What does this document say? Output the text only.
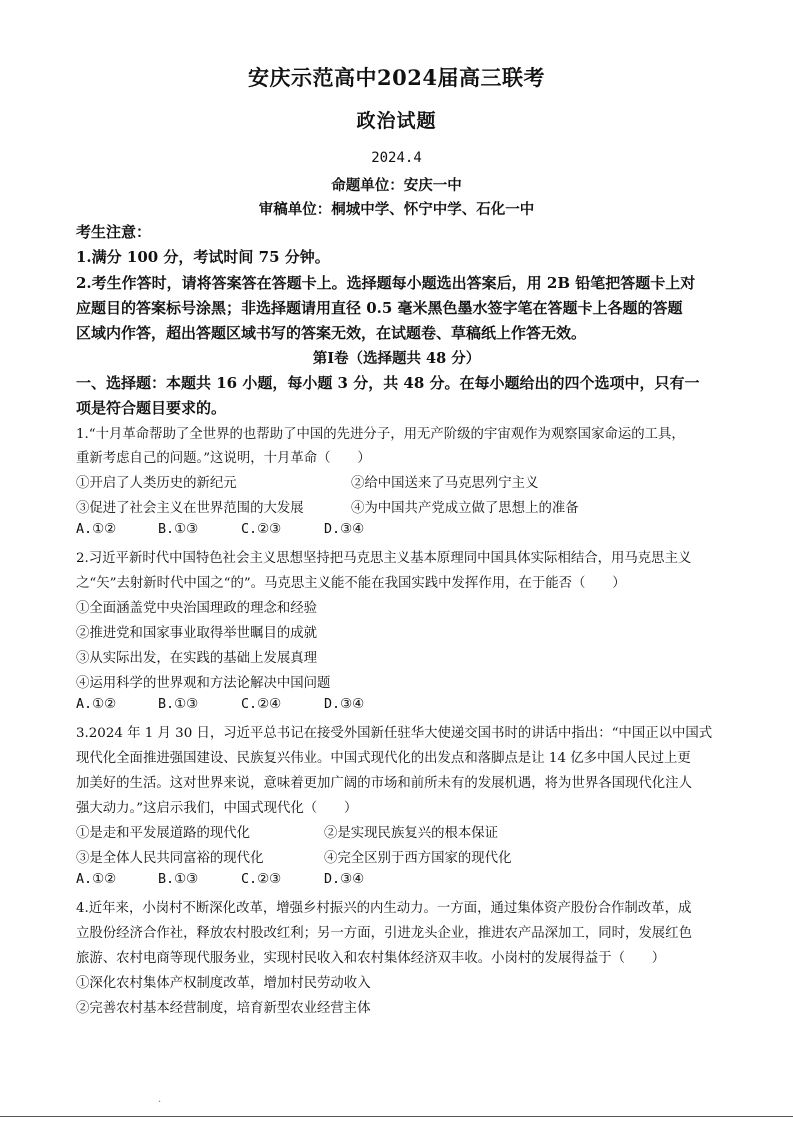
安庆示范高中2024届高三联考
政治试题
2024.4
命题单位：安庆一中
审稿单位：桐城中学、怀宁中学、石化一中
考生注意：
1.满分 100 分，考试时间 75 分钟。
2.考生作答时，请将答案答在答题卡上。选择题每小题选出答案后，用 2B 铅笔把答题卡上对
应题目的答案标号涂黑；非选择题请用直径 0.5 毫米黑色墨水签字笔在答题卡上各题的答题
区域内作答，超出答题区域书写的答案无效，在试题卷、草稿纸上作答无效。
第Ⅰ卷（选择题共 48 分）
一、选择题：本题共 16 小题，每小题 3 分，共 48 分。在每小题给出的四个选项中，只有一
项是符合题目要求的。
1.“十月革命帮助了全世界的也帮助了中国的先进分子，用无产阶级的宇宙观作为观察国家命运的工具，
重新考虑自己的问题。”这说明，十月革命（　　）
①开启了人类历史的新纪元	②给中国送来了马克思列宁主义
③促进了社会主义在世界范围的大发展	④为中国共产党成立做了思想上的准备
A.①②	B.①③	C.②③	D.③④
2.习近平新时代中国特色社会主义思想坚持把马克思主义基本原理同中国具体实际相结合，用马克思主义
之“矢”去射新时代中国之“的”。马克思主义能不能在我国实践中发挥作用，在于能否（　　）
①全面涵盖党中央治国理政的理念和经验
②推进党和国家事业取得举世瞩目的成就
③从实际出发，在实践的基础上发展真理
④运用科学的世界观和方法论解决中国问题
A.①②	B.①③	C.②④	D.③④
3.2024 年 1 月 30 日，习近平总书记在接受外国新任驻华大使递交国书时的讲话中指出：“中国正以中国式
现代化全面推进强国建设、民族复兴伟业。中国式现代化的出发点和落脚点是让 14 亿多中国人民过上更
加美好的生活。这对世界来说，意味着更加广阔的市场和前所未有的发展机遇，将为世界各国现代化注人
强大动力。”这启示我们，中国式现代化（　　）
①是走和平发展道路的现代化	②是实现民族复兴的根本保证
③是全体人民共同富裕的现代化	④完全区别于西方国家的现代化
A.①②	B.①③	C.②③	D.③④
4.近年来，小岗村不断深化改革，增强乡村振兴的内生动力。一方面，通过集体资产股份合作制改革，成
立股份经济合作社，释放农村股改红利；另一方面，引进龙头企业，推进农产品深加工，同时，发展红色
旅游、农村电商等现代服务业，实现村民收入和农村集体经济双丰收。小岗村的发展得益于（　　）
①深化农村集体产权制度改革，增加村民劳动收入
②完善农村基本经营制度，培育新型农业经营主体
.
